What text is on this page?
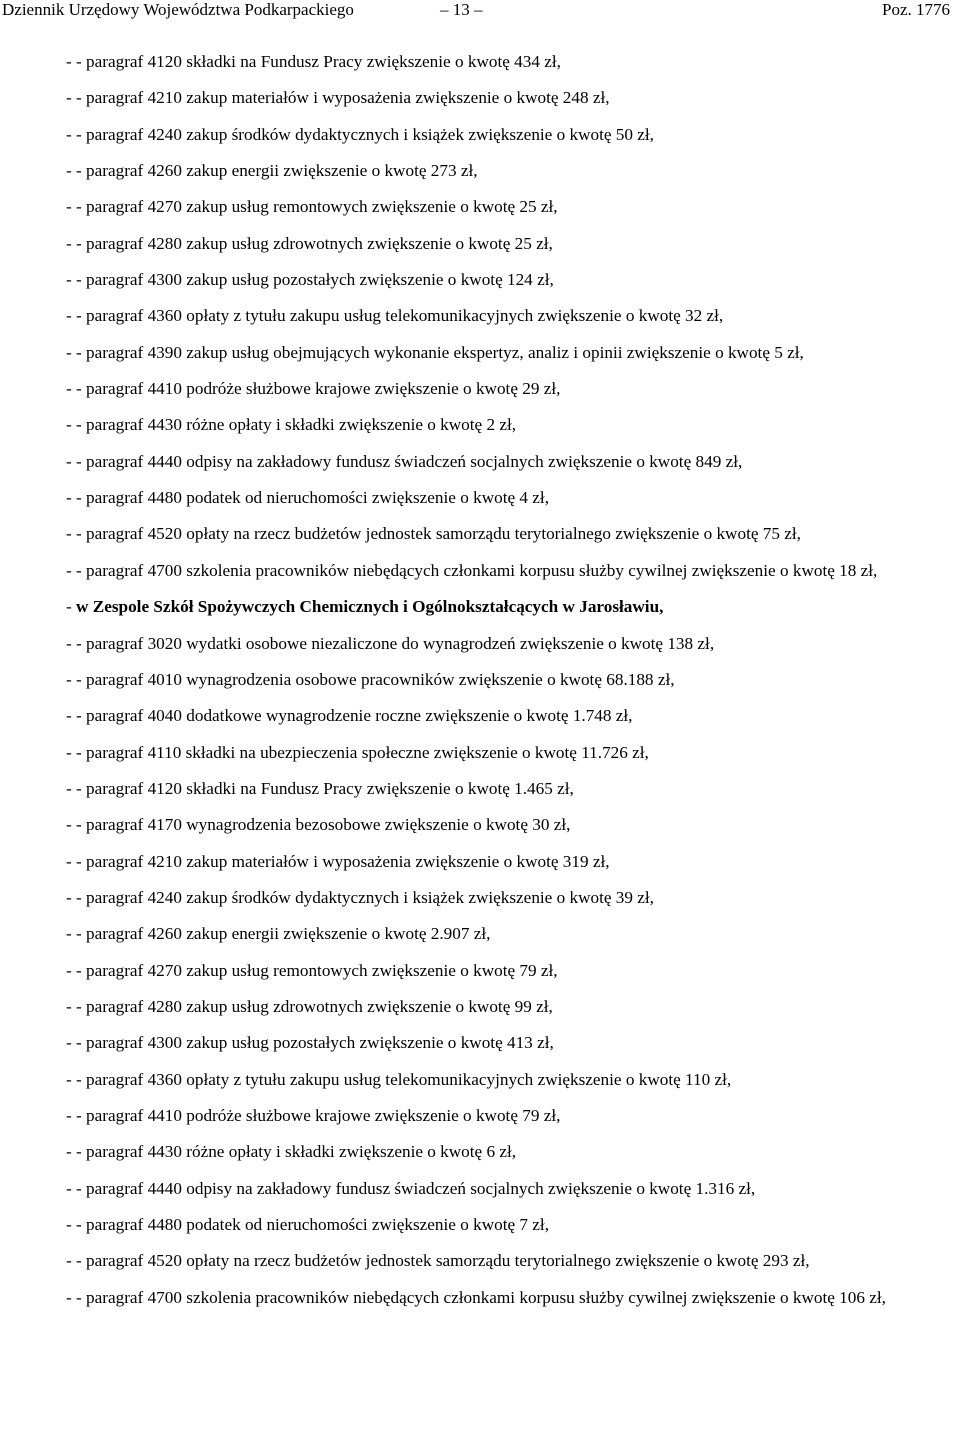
Dziennik Urzędowy Województwa Podkarpackiego	– 13 –	Poz. 1776

- - paragraf 4120 składki na Fundusz Pracy zwiększenie o kwotę 434 zł,

- - paragraf 4210 zakup materiałów i wyposażenia zwiększenie o kwotę 248 zł,

- - paragraf 4240 zakup środków dydaktycznych i książek zwiększenie o kwotę 50 zł,

- - paragraf 4260 zakup energii zwiększenie o kwotę 273 zł,

- - paragraf 4270 zakup usług remontowych zwiększenie o kwotę 25 zł,

- - paragraf 4280 zakup usług zdrowotnych zwiększenie o kwotę 25 zł,

- - paragraf 4300 zakup usług pozostałych zwiększenie o kwotę 124 zł,

- - paragraf 4360 opłaty z tytułu zakupu usług telekomunikacyjnych zwiększenie o kwotę 32 zł,

- - paragraf 4390 zakup usług obejmujących wykonanie ekspertyz, analiz i opinii zwiększenie o kwotę 5 zł,

- - paragraf 4410 podróże służbowe krajowe zwiększenie o kwotę 29 zł,

- - paragraf 4430 różne opłaty i składki zwiększenie o kwotę 2 zł,

- - paragraf 4440 odpisy na zakładowy fundusz świadczeń socjalnych zwiększenie o kwotę 849 zł,

- - paragraf 4480 podatek od nieruchomości zwiększenie o kwotę 4 zł,

- - paragraf 4520 opłaty na rzecz budżetów jednostek samorządu terytorialnego zwiększenie o kwotę 75 zł,

- - paragraf 4700 szkolenia pracowników niebędących członkami korpusu służby cywilnej zwiększenie o kwotę 18 zł,

- w Zespole Szkół Spożywczych Chemicznych i Ogólnokształcących w Jarosławiu,

- - paragraf 3020 wydatki osobowe niezaliczone do wynagrodzeń zwiększenie o kwotę 138 zł,

- - paragraf 4010 wynagrodzenia osobowe pracowników zwiększenie o kwotę 68.188 zł,

- - paragraf 4040 dodatkowe wynagrodzenie roczne zwiększenie o kwotę 1.748 zł,

- - paragraf 4110 składki na ubezpieczenia społeczne zwiększenie o kwotę 11.726 zł,

- - paragraf 4120 składki na Fundusz Pracy zwiększenie o kwotę 1.465 zł,

- - paragraf 4170 wynagrodzenia bezosobowe zwiększenie o kwotę 30 zł,

- - paragraf 4210 zakup materiałów i wyposażenia zwiększenie o kwotę 319 zł,

- - paragraf 4240 zakup środków dydaktycznych i książek zwiększenie o kwotę 39 zł,

- - paragraf 4260 zakup energii zwiększenie o kwotę 2.907 zł,

- - paragraf 4270 zakup usług remontowych zwiększenie o kwotę 79 zł,

- - paragraf 4280 zakup usług zdrowotnych zwiększenie o kwotę 99 zł,

- - paragraf 4300 zakup usług pozostałych zwiększenie o kwotę 413 zł,

- - paragraf 4360 opłaty z tytułu zakupu usług telekomunikacyjnych zwiększenie o kwotę 110 zł,

- - paragraf 4410 podróże służbowe krajowe zwiększenie o kwotę 79 zł,

- - paragraf 4430 różne opłaty i składki zwiększenie o kwotę 6 zł,

- - paragraf 4440 odpisy na zakładowy fundusz świadczeń socjalnych zwiększenie o kwotę 1.316 zł,

- - paragraf 4480 podatek od nieruchomości zwiększenie o kwotę 7 zł,

- - paragraf 4520 opłaty na rzecz budżetów jednostek samorządu terytorialnego zwiększenie o kwotę 293 zł,

- - paragraf 4700 szkolenia pracowników niebędących członkami korpusu służby cywilnej zwiększenie o kwotę 106 zł,
